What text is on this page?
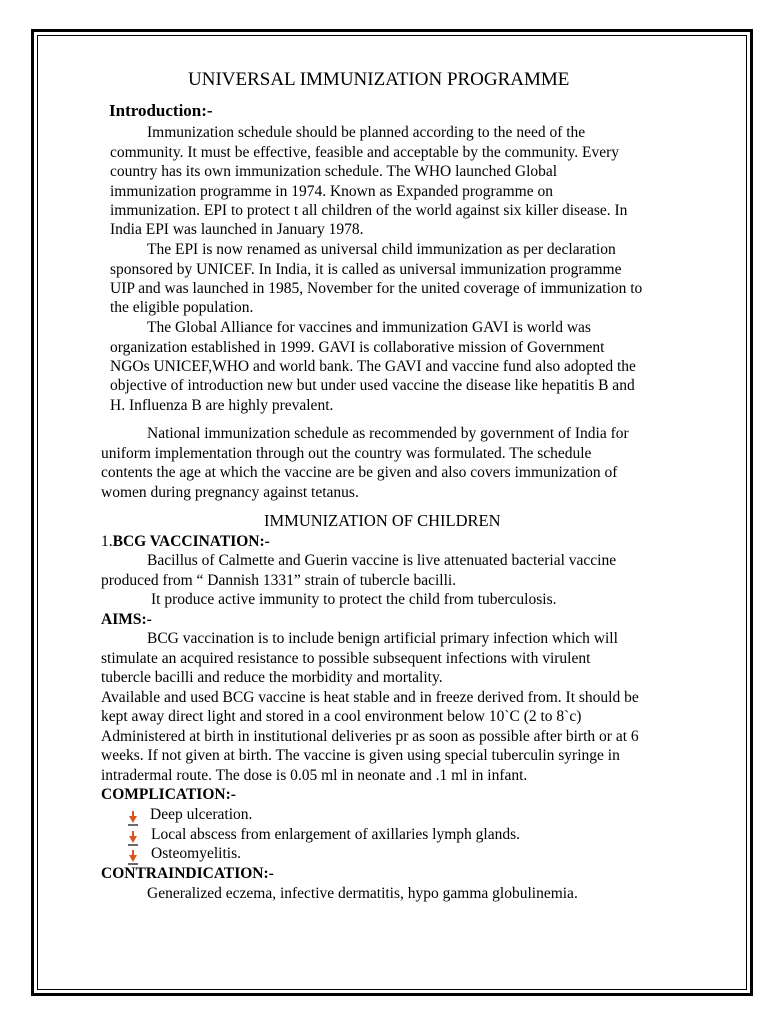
UNIVERSAL IMMUNIZATION PROGRAMME
Introduction:-
Immunization schedule should be planned according to the need of the
community. It must be effective, feasible and acceptable by the community. Every
country has its own immunization schedule. The WHO launched Global
immunization programme in 1974. Known as Expanded programme on
immunization. EPI to protect t all children of the world against six killer disease. In
India EPI was launched in January 1978.
The EPI is now renamed as universal child immunization as per declaration
sponsored by UNICEF. In India, it is called as universal immunization programme
UIP and was launched in 1985, November for the united coverage of immunization to
the eligible population.
The Global Alliance for vaccines and immunization GAVI is world was
organization established in 1999. GAVI is collaborative mission of Government
NGOs UNICEF,WHO and world bank. The GAVI and vaccine fund also adopted the
objective of introduction new but under used vaccine the disease like hepatitis B and
H. Influenza B are highly prevalent.
National immunization schedule as recommended by government of India for
uniform implementation through out the country was formulated. The schedule
contents the age at which the vaccine are be given and also covers immunization of
women during pregnancy against tetanus.
IMMUNIZATION OF CHILDREN
1.BCG VACCINATION:-
Bacillus of Calmette and Guerin vaccine is live attenuated bacterial vaccine
produced from “ Dannish 1331” strain of tubercle bacilli.
It produce active immunity to protect the child from tuberculosis.
AIMS:-
BCG vaccination is to include benign artificial primary infection which will
stimulate an acquired resistance to possible subsequent infections with virulent
tubercle bacilli and reduce the morbidity and mortality.
Available and used BCG vaccine is heat stable and in freeze derived from. It should be
kept away direct light and stored in a cool environment below 10`C (2 to 8`c)
Administered at birth in institutional deliveries pr as soon as possible after birth or at 6
weeks. If not given at birth. The vaccine is given using special tuberculin syringe in
intradermal route. The dose is 0.05 ml in neonate and .1 ml in infant.
COMPLICATION:-
Deep ulceration.
Local abscess from enlargement of axillaries lymph glands.
Osteomyelitis.
CONTRAINDICATION:-
Generalized eczema, infective dermatitis, hypo gamma globulinemia.
